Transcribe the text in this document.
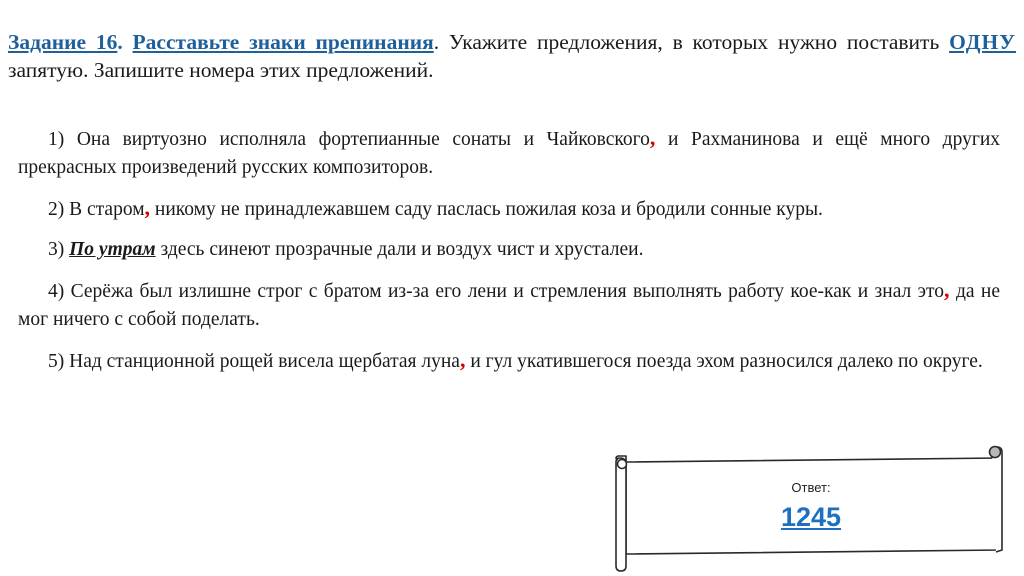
Задание 16. Расставьте знаки препинания. Укажите предложения, в которых нужно поставить ОДНУ запятую. Запишите номера этих предложений.

1) Она виртуозно исполняла фортепианные сонаты и Чайковского, и Рахманинова и ещё много других прекрасных произведений русских композиторов.

2) В старом, никому не принадлежавшем саду паслась пожилая коза и бродили сонные куры.

3) По утрам здесь синеют прозрачные дали и воздух чист и хрусталеи.

4) Серёжа был излишне строг с братом из-за его лени и стремления выполнять работу кое-как и знал это, да не мог ничего с собой поделать.

5) Над станционной рощей висела щербатая луна, и гул укатившегося поезда эхом разносился далеко по округе.

Ответ:
1245
